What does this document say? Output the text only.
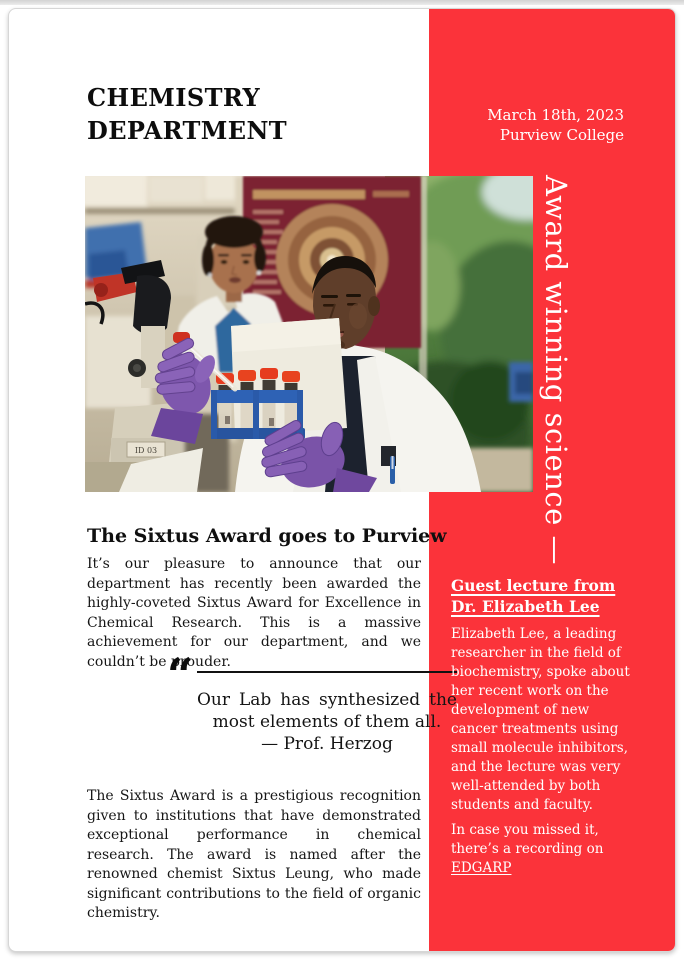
CHEMISTRY DEPARTMENT
March 18th, 2023
Purview College
ID 03	Award winning science —
The Sixtus Award goes to Purview

It’s our pleasure to announce that our department has recently been awarded the highly-coveted Sixtus Award for Excellence in Chemical Research. This is a massive achievement for our department, and we couldn’t be prouder.

“ Our Lab has synthesized the most elements of them all.

— Prof. Herzog

The Sixtus Award is a prestigious recognition given to institutions that have demonstrated exceptional performance in chemical research. The award is named after the renowned chemist Sixtus Leung, who made significant contributions to the field of organic chemistry.

Guest lecture from Dr. Elizabeth Lee

Elizabeth Lee, a leading researcher in the field of biochemistry, spoke about her recent work on the development of new cancer treatments using small molecule inhibitors, and the lecture was very well-attended by both students and faculty.

In case you missed it, there’s a recording on EDGARP
